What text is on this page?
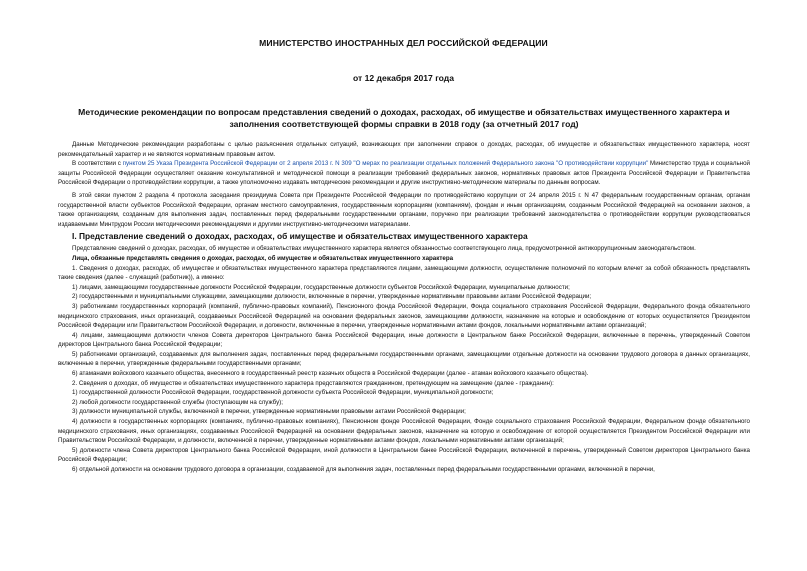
МИНИСТЕРСТВО ИНОСТРАННЫХ ДЕЛ РОССИЙСКОЙ ФЕДЕРАЦИИ
от 12 декабря 2017 года
Методические рекомендации по вопросам представления сведений о доходах, расходах, об имуществе и обязательствах имущественного характера и заполнения соответствующей формы справки в 2018 году (за отчетный 2017 год)

Данные Методические рекомендации разработаны с целью разъяснения отдельных ситуаций, возникающих при заполнении справок о доходах, расходах, об имуществе и обязательствах имущественного характера, носят рекомендательный характер и не являются нормативным правовым актом.

В соответствии с пунктом 25 Указа Президента Российской Федерации от 2 апреля 2013 г. N 309 "О мерах по реализации отдельных положений Федерального закона "О противодействии коррупции" Министерство труда и социальной защиты Российской Федерации осуществляет оказание консультативной и методической помощи в реализации требований федеральных законов, нормативных правовых актов Президента Российской Федерации и Правительства Российской Федерации о противодействии коррупции, а также уполномочено издавать методические рекомендации и другие инструктивно-методические материалы по данным вопросам.

В этой связи пунктом 2 раздела 4 протокола заседания президиума Совета при Президенте Российской Федерации по противодействию коррупции от 24 апреля 2015 г. N 47 федеральным государственным органам, органам государственной власти субъектов Российской Федерации, органам местного самоуправления, государственным корпорациям (компаниям), фондам и иным организациям, созданным Российской Федерацией на основании законов, а также организациям, созданным для выполнения задач, поставленных перед федеральными государственными органами, поручено при реализации требований законодательства о противодействии коррупции руководствоваться издаваемыми Минтрудом России методическими рекомендациями и другими инструктивно-методическими материалами.

I. Представление сведений о доходах, расходах, об имуществе и обязательствах имущественного характера

Представление сведений о доходах, расходах, об имуществе и обязательствах имущественного характера является обязанностью соответствующего лица, предусмотренной антикоррупционным законодательством.

Лица, обязанные представлять сведения о доходах, расходах, об имуществе и обязательствах имущественного характера

1. Сведения о доходах, расходах, об имуществе и обязательствах имущественного характера представляются лицами, замещающими должности, осуществление полномочий по которым влечет за собой обязанность представлять такие сведения (далее - служащий (работник)), а именно:

1) лицами, замещающими государственные должности Российской Федерации, государственные должности субъектов Российской Федерации, муниципальные должности;

2) государственными и муниципальными служащими, замещающими должности, включенные в перечни, утвержденные нормативными правовыми актами Российской Федерации;

3) работниками государственных корпораций (компаний, публично-правовых компаний), Пенсионного фонда Российской Федерации, Фонда социального страхования Российской Федерации, Федерального фонда обязательного медицинского страхования, иных организаций, создаваемых Российской Федерацией на основании федеральных законов, замещающими должности, назначение на которые и освобождение от которых осуществляется Президентом Российской Федерации или Правительством Российской Федерации, и должности, включенные в перечни, утвержденные нормативными актами фондов, локальными нормативными актами организаций;

4) лицами, замещающими должности членов Совета директоров Центрального банка Российской Федерации, иные должности в Центральном банке Российской Федерации, включенные в перечень, утвержденный Советом директоров Центрального банка Российской Федерации;

5) работниками организаций, создаваемых для выполнения задач, поставленных перед федеральными государственными органами, замещающими отдельные должности на основании трудового договора в данных организациях, включенные в перечни, утвержденные федеральными государственными органами;

6) атаманами войскового казачьего общества, внесенного в государственный реестр казачьих обществ в Российской Федерации (далее - атаман войскового казачьего общества).

2. Сведения о доходах, об имуществе и обязательствах имущественного характера представляются гражданином, претендующим на замещение (далее - гражданин):

1) государственной должности Российской Федерации, государственной должности субъекта Российской Федерации, муниципальной должности;

2) любой должности государственной службы (поступающим на службу);

3) должности муниципальной службы, включенной в перечни, утвержденные нормативными правовыми актами Российской Федерации;

4) должности в государственных корпорациях (компаниях, публично-правовых компаниях), Пенсионном фонде Российской Федерации, Фонде социального страхования Российской Федерации, Федеральном фонде обязательного медицинского страхования, иных организациях, создаваемых Российской Федерацией на основании федеральных законов, назначение на которую и освобождение от которой осуществляется Президентом Российской Федерации или Правительством Российской Федерации, и должности, включенной в перечни, утвержденные нормативными актами фондов, локальными нормативными актами организаций;

5) должности члена Совета директоров Центрального банка Российской Федерации, иной должности в Центральном банке Российской Федерации, включенной в перечень, утвержденный Советом директоров Центрального банка Российской Федерации;

6) отдельной должности на основании трудового договора в организации, создаваемой для выполнения задач, поставленных перед федеральными государственными органами, включенной в перечни,
